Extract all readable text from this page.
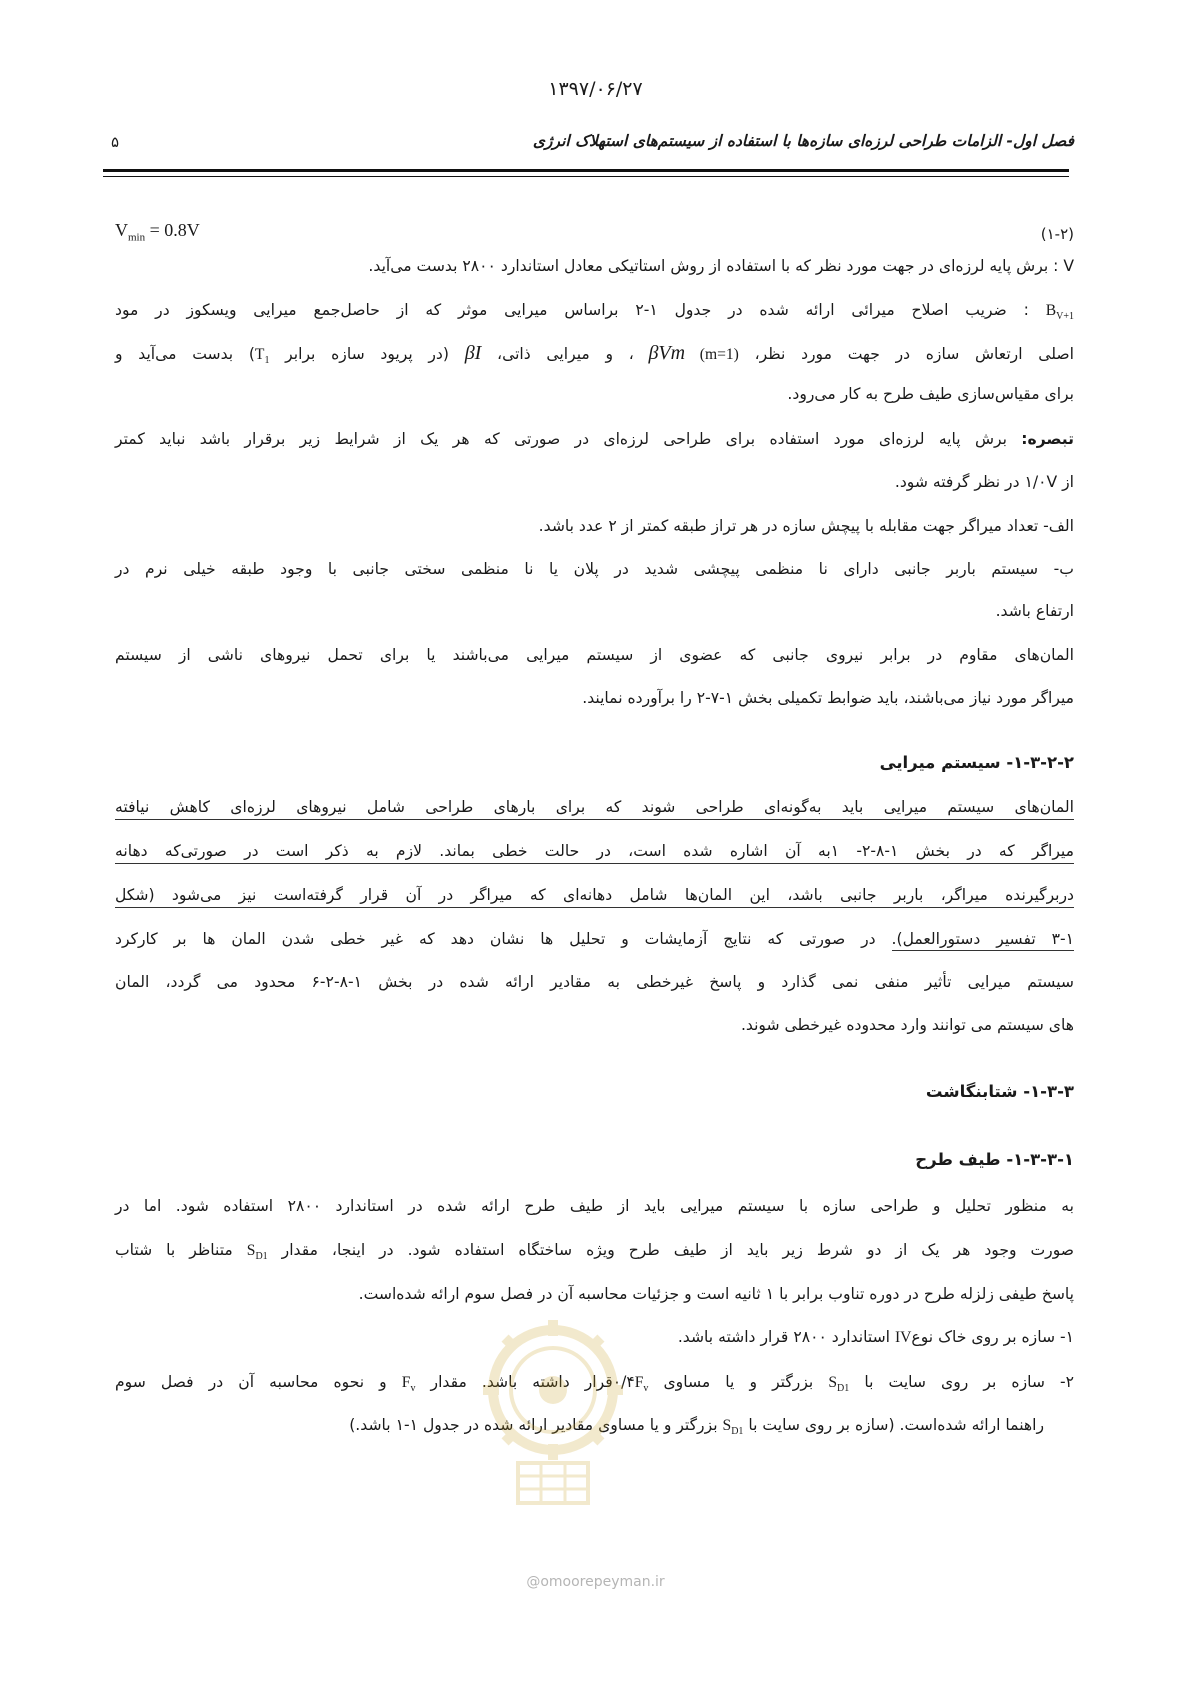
۱۳۹۷/۰۶/۲۷
فصل اول- الزامات طراحی لرزه‌ای سازه‌ها با استفاده از سیستم‌های استهلاک انرژی
۵
$V_{min} = 0.8V$	(۱-۲)
V : برش پایه لرزه‌ای در جهت مورد نظر که با استفاده از روش استاتیکی معادل استاندارد ۲۸۰۰ بدست می‌آید.
$B_{V+1}$ : ضریب اصلاح میرائی ارائه شده در جدول ۱-۲ براساس میرایی موثر که از حاصل‌جمع میرایی ویسکوز در مود
اصلی ارتعاش سازه در جهت مورد نظر، βVm (m=1) ، و میرایی ذاتی، βI (در پریود سازه برابر $T_1$) بدست می‌آید و
برای مقیاس‌سازی طیف طرح به کار می‌رود.
تبصره: برش پایه لرزه‌ای مورد استفاده برای طراحی لرزه‌ای در صورتی که هر یک از شرایط زیر برقرار باشد نباید کمتر
از ۱/۰V در نظر گرفته شود.
الف- تعداد میراگر جهت مقابله با پیچش سازه در هر تراز طبقه کمتر از ۲ عدد باشد.
ب- سیستم باربر جانبی دارای نا منظمی پیچشی شدید در پلان یا نا منظمی سختی جانبی با وجود طبقه خیلی نرم در
ارتفاع باشد.
المان‌های مقاوم در برابر نیروی جانبی که عضوی از سیستم میرایی می‌باشند یا برای تحمل نیروهای ناشی از سیستم
میراگر مورد نیاز می‌باشند، باید ضوابط تکمیلی بخش ۱-۷-۲ را برآورده نمایند.
۱-۳-۲-۲- سیستم میرایی
المان‌های سیستم میرایی باید به‌گونه‌ای طراحی شوند که برای بارهای طراحی شامل نیروهای لرزه‌ای کاهش نیافته
میراگر که در بخش ۱-۸-۲- ۱به آن اشاره شده است، در حالت خطی بماند. لازم به ذکر است در صورتی‌که دهانه
دربرگیرنده میراگر، باربر جانبی باشد، این المان‌ها شامل دهانه‌ای که میراگر در آن قرار گرفته‌است نیز می‌شود (شکل
۳-۱ تفسیر دستورالعمل). در صورتی که نتایج آزمایشات و تحلیل ها نشان دهد که غیر خطی شدن المان ها بر کارکرد
سیستم میرایی تأثیر منفی نمی گذارد و پاسخ غیرخطی به مقادیر ارائه شده در بخش ۱-۸-۲-۶ محدود می گردد، المان
های سیستم می توانند وارد محدوده غیرخطی شوند.
۱-۳-۳- شتابنگاشت
۱-۳-۳-۱- طیف طرح
به منظور تحلیل و طراحی سازه با سیستم میرایی باید از طیف طرح ارائه شده در استاندارد ۲۸۰۰ استفاده شود. اما در
صورت وجود هر یک از دو شرط زیر باید از طیف طرح ویژه ساختگاه استفاده شود. در اینجا، مقدار $S_{D1}$ متناظر با شتاب
پاسخ طیفی زلزله طرح در دوره تناوب برابر با ۱ ثانیه است و جزئیات محاسبه آن در فصل سوم ارائه شده‌است.
۱- سازه بر روی خاک نوعIV استاندارد ۲۸۰۰ قرار داشته باشد.
۲- سازه بر روی سایت با $S_{D1}$ بزرگتر و یا مساوی $۰/۴F_vقرار$ داشته باشد. مقدار $F_v$ و نحوه محاسبه آن در فصل سوم
راهنما ارائه شده‌است. (سازه بر روی سایت با $S_{D1}$ بزرگتر و یا مساوی مقادیر ارائه شده در جدول ۱-۱ باشد.)
@omoorepeyman.ir
